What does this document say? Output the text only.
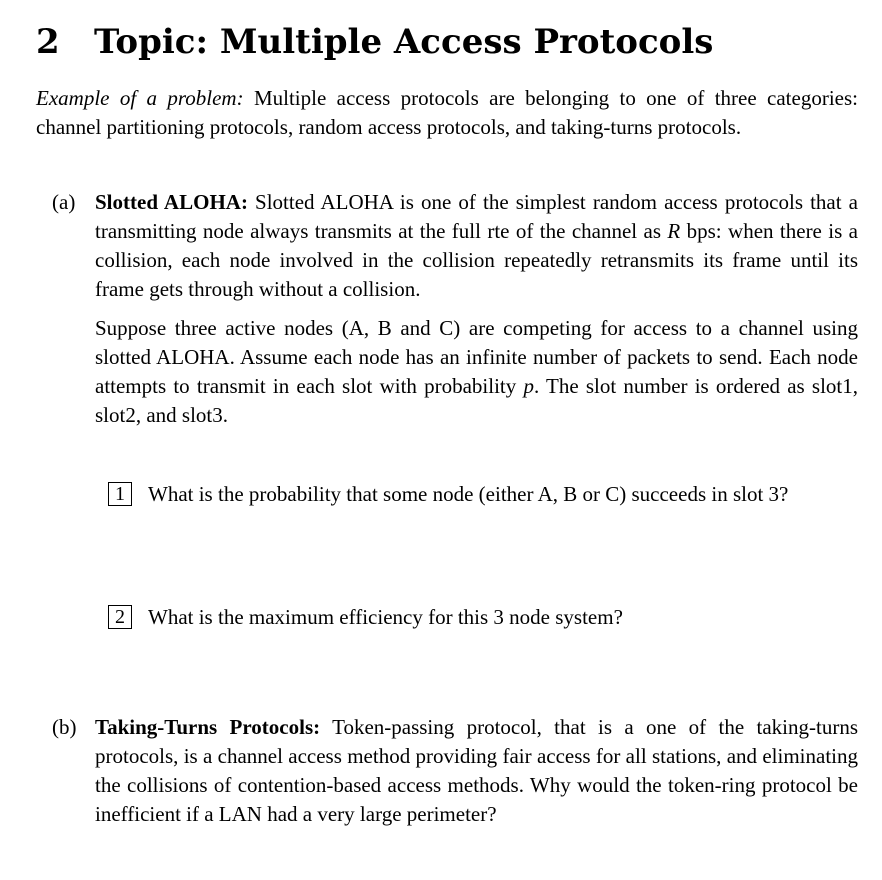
2 Topic: Multiple Access Protocols

Example of a problem: Multiple access protocols are belonging to one of three categories: channel partitioning protocols, random access protocols, and taking-turns protocols.

(a) Slotted ALOHA: Slotted ALOHA is one of the simplest random access protocols that a transmitting node always transmits at the full rte of the channel as R bps: when there is a collision, each node involved in the collision repeatedly retransmits its frame until its frame gets through without a collision.

Suppose three active nodes (A, B and C) are competing for access to a channel using slotted ALOHA. Assume each node has an infinite number of packets to send. Each node attempts to transmit in each slot with probability p. The slot number is ordered as slot1, slot2, and slot3.

1	What is the probability that some node (either A, B or C) succeeds in slot 3?

2	What is the maximum efficiency for this 3 node system?

(b) Taking-Turns Protocols: Token-passing protocol, that is a one of the taking-turns protocols, is a channel access method providing fair access for all stations, and eliminating the collisions of contention-based access methods. Why would the token-ring protocol be inefficient if a LAN had a very large perimeter?
